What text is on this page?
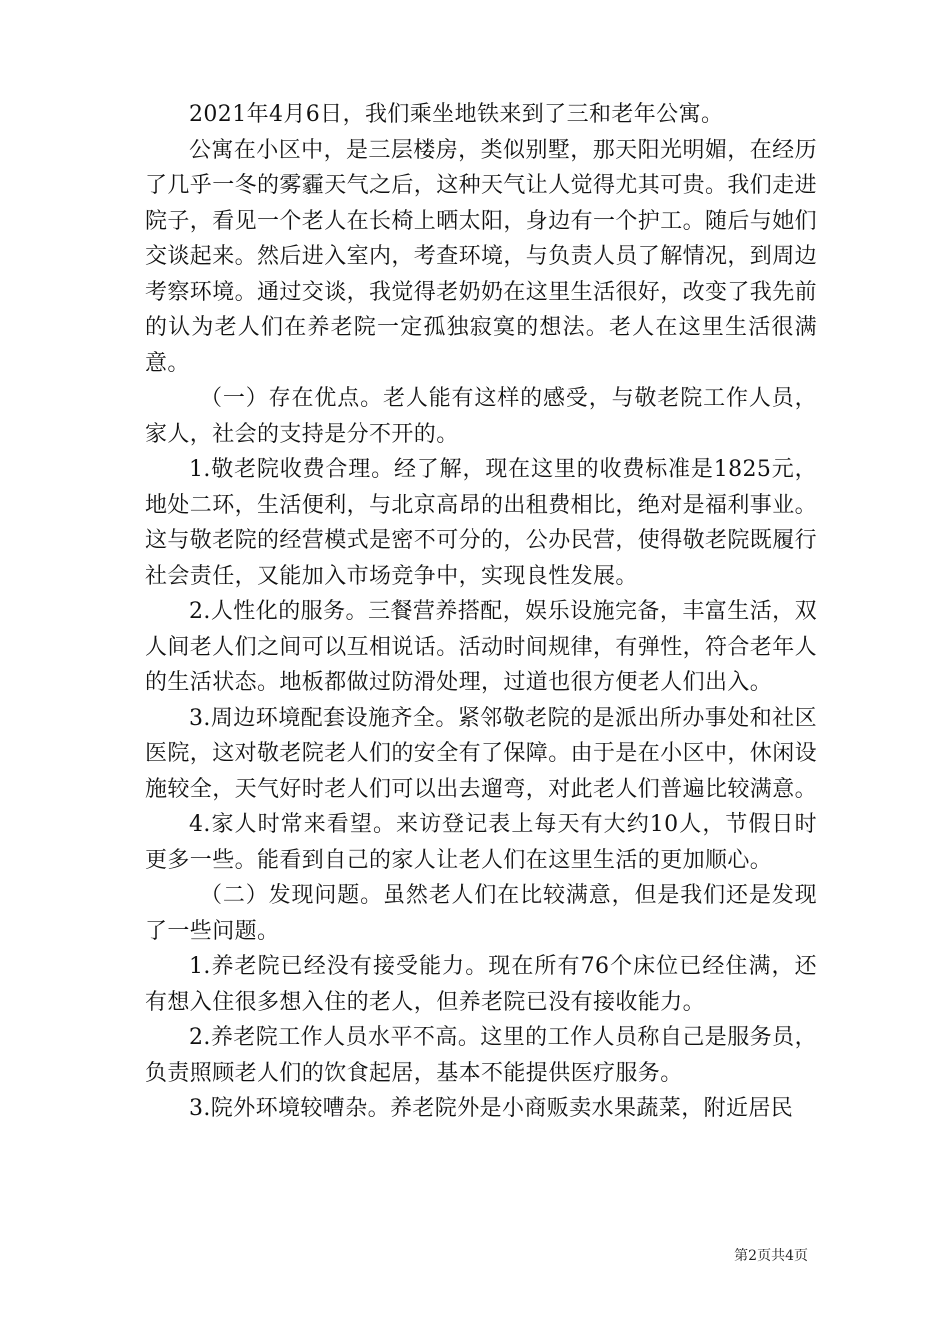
2021年4月6日，我们乘坐地铁来到了三和老年公寓。

公寓在小区中，是三层楼房，类似别墅，那天阳光明媚，在经历了几乎一冬的雾霾天气之后，这种天气让人觉得尤其可贵。我们走进院子，看见一个老人在长椅上晒太阳，身边有一个护工。随后与她们交谈起来。然后进入室内，考查环境，与负责人员了解情况，到周边考察环境。通过交谈，我觉得老奶奶在这里生活很好，改变了我先前的认为老人们在养老院一定孤独寂寞的想法。老人在这里生活很满意。

（一）存在优点。老人能有这样的感受，与敬老院工作人员，家人，社会的支持是分不开的。

1.敬老院收费合理。经了解，现在这里的收费标准是1825元，地处二环，生活便利，与北京高昂的出租费相比，绝对是福利事业。这与敬老院的经营模式是密不可分的，公办民营，使得敬老院既履行社会责任，又能加入市场竞争中，实现良性发展。

2.人性化的服务。三餐营养搭配，娱乐设施完备，丰富生活，双人间老人们之间可以互相说话。活动时间规律，有弹性，符合老年人的生活状态。地板都做过防滑处理，过道也很方便老人们出入。

3.周边环境配套设施齐全。紧邻敬老院的是派出所办事处和社区医院，这对敬老院老人们的安全有了保障。由于是在小区中，休闲设施较全，天气好时老人们可以出去遛弯，对此老人们普遍比较满意。

4.家人时常来看望。来访登记表上每天有大约10人，节假日时更多一些。能看到自己的家人让老人们在这里生活的更加顺心。

（二）发现问题。虽然老人们在比较满意，但是我们还是发现了一些问题。

1.养老院已经没有接受能力。现在所有76个床位已经住满，还有想入住很多想入住的老人，但养老院已没有接收能力。

2.养老院工作人员水平不高。这里的工作人员称自己是服务员，负责照顾老人们的饮食起居，基本不能提供医疗服务。

3.院外环境较嘈杂。养老院外是小商贩卖水果蔬菜，附近居民

第2页共4页
